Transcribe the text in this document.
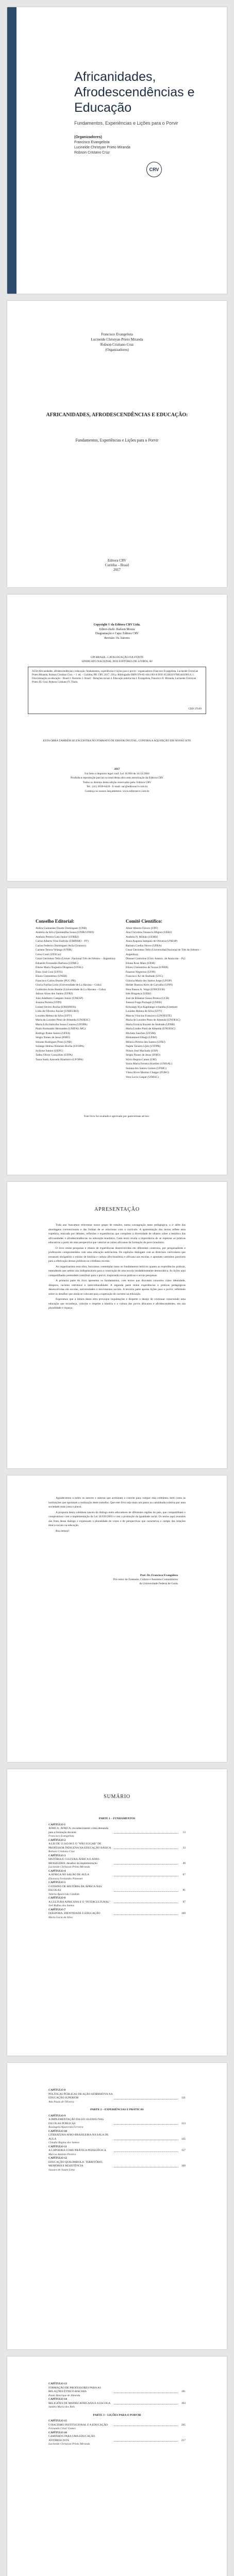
Africanidades, Afrodescendências e Educação
Fundamentos, Experiências e Lições para o Porvir
(Organizadores)
Francisco Evangelista
Lucineide Christyan Prieto Miranda
Robson Cristano Cruz
CRV
Francisco Evangelista
Lucineide Christyan Prieto Miranda
Robson Cristiano Cruz
(Organizadores)
AFRICANIDADES, AFRODESCENDÊNCIAS E EDUCAÇÃO:
Fundamentos, Experiências e Lições para o Porvir
Editora CRV
Curitiba – Brasil
2017
Copyright © da Editora CRV Ltda.
Editor-chefe: Railson Moura
Diagramação e Capa: Editora CRV
Revisão: Os Autores
CIP-BRASIL. CATALOGAÇÃO-NA-FONTE
SINDICATO NACIONAL DOS EDITORES DE LIVROS, RJ
A258 Africanidades, afrodescendências e educação: fundamentos, experiências e lições para o porvir / organizadores Francisco Evangelista, Lucineide Christyan Prieto Miranda, Robson Cristiano Cruz. – 1. ed. – Curitiba, PR: CRV, 2017. 236 p. Bibliografia ISBN 978-85-444-1901-8 DOI 10.24824/978854441901.8. 1. Discriminação na educação – Brasil 2. Racismo 3. Brasil – Relações raciais 4. Educação antirracista I. Evangelista, Francisco II. Miranda, Lucineide Christyan Prieto III. Cruz, Robson Cristiano IV. Título.
CDD 370.89
ESTA OBRA TAMBÉM SE ENCONTRA NO FORMATO DE EBOOK DIGITAL, CONFIRA A AQUISIÇÃO EM NOSSO SITE
2017
Foi feito o depósito legal conf. Lei 10.994 de 14/12/2004
Proibida a reprodução parcial ou total desta obra sem autorização da Editora CRV
Todos os direitos desta edição reservados pela: Editora CRV
Tel.: (41) 3039-6418 - E-mail: sac@editoracrv.com.br
Conheça os nossos lançamentos: www.editoracrv.com.br
Conselho Editorial:
Aldira Guimarães Duarte Domínguez (UNB)
Andréia da Silva Quintanilha Sousa (UNIR/UFRN)
Antônio Pereira Gaio Júnior (UFRRJ)
Carlos Alberto Vilar Estêvão (UMINHO – PT)
Carlos Federico Dominguez Avila (Unieuro)
Carmen Tereza Velanga (UNIR)
Celso Conti (UFSCar)
Cesar Gerónimo Tello (Univer .Nacional Três de Febrero – Argentina)
Eduardo Fernandes Barbosa (UFMG)
Elione Maria Nogueira Diogenes (UFAL)
Élsio José Corá (UFFS)
Elizeu Clementino (UNEB)
Francisco Carlos Duarte (PUC-PR)
Gloria Fariñas León (Universidade de La Havana – Cuba)
Guillermo Arias Beatón (Universidade de La Havana – Cuba)
Jailson Alves dos Santos (UFRJ)
João Adalberto Campato Junior (UNESP)
Josania Portela (UFPI)
Leonel Severo Rocha (UNISINOS)
Lídia de Oliveira Xavier (UNIEURO)
Lourdes Helena da Silva (UFV)
Maria de Lourdes Pinto de Almeida (UNOESC)
Maria Lília Imbiriba Sousa Colares (UFOPA)
Paulo Romualdo Hernandes (UNIFAL-MG)
Rodrigo Pratte-Santos (UFES)
Sérgio Nunes de Jesus (IFRO)
Simone Rodrigues Pinto (UNB)
Solange Helena Ximenes-Rocha (UFOPA)
Sydione Santos (UEPG)
Tadeu Oliver Gonçalves (UFPA)
Tania Suely Azevedo Brasileiro (UFOPA)
Comitê Científico:
Altair Alberto Fávero (UPF)
Ana Chrystina Venancio Mignot (UERJ)
Andréia N. Militão (UEMS)
Anna Augusta Sampaio de Oliveira (UNESP)
Barbara Coelho Neves (UFBA)
Cesar Gerónimo Tello (Universidad Nacional de Três de Febrero – Argentina)
Diosnel Centurion (Univ Americ. de Asunción – Py)
Eliane Rose Maio (UEM)
Elizeu Clementino de Souza (UNEB)
Fauston Negreiros (UFPI)
Francisco Ari de Andrade (UFC)
Gláucia Maria dos Santos Jorge (UFOP)
Helder Buenos Aires de Carvalho (UFPI)
Ilma Passos A. Veiga (UNICEUB)
Inês Bragança (UERJ)
José de Ribamar Sousa Pereira (UCB)
Jussara Fraga Portugal (UNEB)
Kilwangy Kya Kapitango-a-Samba (Unemat)
Lourdes Helena da Silva (UFV)
Marcos Vinicius Francisco (UNOESTE)
Maria de Lourdes Pinto de Almeida (UNOESC)
Maria Eurácia Barreto de Andrade (UFRB)
Maria Lurdes Pinto de Almeida (UNOESC)
Michele Sanchez (UFSM)
Mohammed Elhajji (UFRJ)
Mônica Pereira dos Santos (UFRJ)
Najela Tavares Ujiie (UTFPR)
Nilson José Machado (USP)
Sérgio Nunes de Jesus (IFRO)
Silvia Regina Canan (URI)
Sonia Maria Ferreira Koehler (UNISAL)
Suzana dos Santos Gomes (UFMG)
Vânia Alves Martins Chaigar (FURG)
Vera Lucia Gaspar (UDESC)
Este livro foi avaliado e aprovado por pareceristas ad hoc.
APRESENTAÇÃO

Todo ano buscamos reinventar nosso grupo de estudos, numa consagração tanto pedagógica, a ir além das abordagens convencionais e das formas de se relacionar com o currículo. A apresentação dos textos reflete essa trajetória, marcada por debates, reflexões e experiências que compõem a diversidade de olhares sobre a temática das africanidades e afrodescendências na educação brasileira. Cada texto revela a importância de se repensar as práticas educativas a partir de uma perspectiva que valorize as raízes africanas da formação do povo brasileiro.

O livro reúne pesquisas e relatos de experiências desenvolvidas em diferentes contextos, por pesquisadores e professores comprometidos com uma educação antirracista. Os capítulos dialogam com as diretrizes curriculares que tornaram obrigatório o ensino de história e cultura afro-brasileira e africana nas escolas, e apontam caminhos possíveis para a efetivação dessas políticas no cotidiano escolar.

Ao organizarmos esta obra, buscamos contemplar tanto os fundamentos teóricos quanto as experiências práticas, entendendo que ambos são indispensáveis para a construção de uma escola verdadeiramente democrática. As lições aqui compartilhadas pretendem contribuir para o porvir, inspirando novas práticas e novas pesquisas.

A primeira parte do livro apresenta os fundamentos, com textos que discutem conceitos como identidade, diáspora, racismo estrutural e interculturalidade. A segunda parte reúne experiências e práticas pedagógicas desenvolvidas em escolas, universidades e movimentos sociais. A terceira parte aponta lições para o porvir, refletindo sobre os desafios que ainda se colocam para a superação do racismo na educação.

Esperamos que a leitura desta obra provoque inquietações e desperte o desejo de continuar construindo uma educação que reconheça, valorize e respeite a história e a cultura dos povos africanos e afrodescendentes, em sua pluralidade e riqueza.

Agradecemos a todos os autores e autoras que aceitaram o convite para compor esta coletânea, bem como às instituições que apoiaram a realização deste trabalho. Que este livro seja mais um passo na caminhada coletiva por uma sociedade mais justa e plural.

A proposta desta coletânea nasceu do diálogo entre educadores de diferentes regiões do país, que compartilham o compromisso com a implementação da Lei 10.639/2003 e com a promoção da igualdade racial. Os textos aqui reunidos são fruto desse diálogo e expressam a pluralidade de vozes e de perspectivas que caracteriza o campo das relações étnico-raciais na educação.

Boa leitura!

Prof. Dr. Francisco Evangelista
Pró-reitor de Extensão, Cultura e Assuntos Comunitários
da Universidade Federal de Goiás
SUMÁRIO
PARTE 1 – FUNDAMENTOS
CAPÍTULO 1
ÁFRICA: ÁFRICA: reconhecimento como demanda para a formação docente	13
Francisco Evangelista
CAPÍTULO 2
A LEI DE 11.645/08 E O "NÃO LUGAR" DE PROFESSOR ÍNDIGENA NA EDUCAÇÃO BÁSICA	33
Robson Cristiano Cruz
CAPÍTULO 3
HISTÓRIA E CULTURA ÁFRICA E AFRO-BRASILEIRA: desafios da implementação	49
Lucineide Christyan Prieto Miranda
CAPÍTULO 4
A ÁFRICA NO SALÃO DE AULA	67
Eleonora Fernandes Pimentel
CAPÍTULO 5
O ENSINO DE HISTÓRIA DA ÁFRICA NAS ESCOLAS	81
Valéria Aparecida Cândido
CAPÍTULO 6
A CULTURA AFRICANA E O "INTERCULTURAL"	97
Joel Rufino dos Santos
CAPÍTULO 7
DIÁSPORA, IDENTIDADE E EDUCAÇÃO	109
Marta Lúcia da Silva
CAPÍTULO 8
POLÍTICAS PÚBLICAS DE AÇÃO AFIRMATIVA NA EDUCAÇÃO SUPERIOR	121
Ana Paula de Oliveira
PARTE 2 – EXPERIÊNCIAS E PRÁTICAS
CAPÍTULO 9
A IMPLEMENTAÇÃO DA LEI 10.639/03 NAS ESCOLAS PÚBLICAS	133
Rosângela Aparecida Ferreira
CAPÍTULO 10
LITERATURA AFRO-BRASILEIRA NA SALA DE AULA	145
Cláudia Regina dos Santos
CAPÍTULO 11
A CAPOEIRA COMO PRÁTICA PEDAGÓGICA	157
Marcos Antônio Pereira
CAPÍTULO 12
EDUCAÇÃO QUILOMBOLA: TERRITÓRIO, MEMÓRIA E RESISTÊNCIA	169
Jussara de Souza Lima
CAPÍTULO 13
FORMAÇÃO DE PROFESSORES PARA AS RELAÇÕES ÉTNICO-RACIAIS	181
Paulo Henrique de Almeida
CAPÍTULO 14
RELIGIÕES DE MATRIZ AFRICANA E A ESCOLA	193
Sandra Maria dos Reis
PARTE 3 – LIÇÕES PARA O PORVIR
CAPÍTULO 15
O RACISMO INSTITUCIONAL E A EDUCAÇÃO	205
Fernando César Gomes
CAPÍTULO 16
CAMINHOS PARA UMA EDUCAÇÃO ANTIRRACISTA	217
Lucineide Christyan Prieto Miranda
